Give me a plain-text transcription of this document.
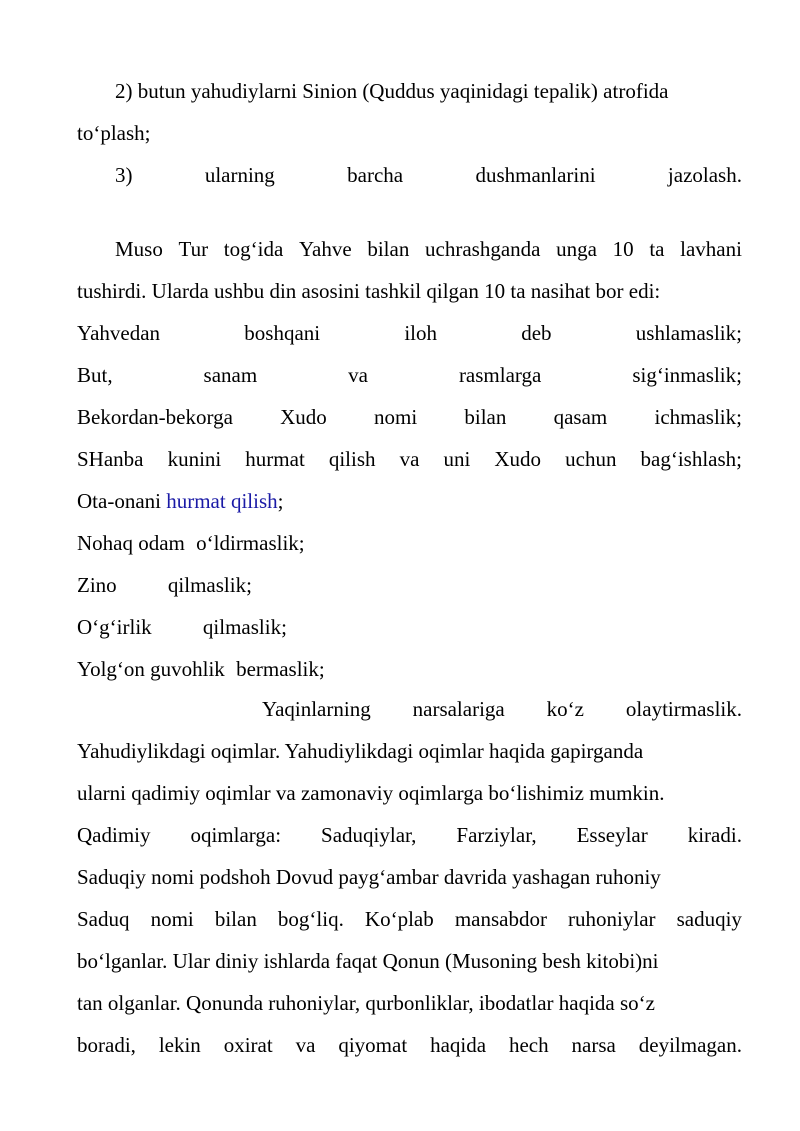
2) butun yahudiylarni Sinion (Quddus yaqinidagi tepalik) atrofida
to‘plash;
3)	ularning	barcha	dushmanlarini	jazolash.
Muso Tur tog‘ida Yahve bilan uchrashganda unga 10 ta lavhani
tushirdi. Ularda ushbu din asosini tashkil qilgan 10 ta nasihat bor edi:
Yahvedan	boshqani	iloh	deb	ushlamaslik;
But,	sanam	va	rasmlarga	sig‘inmaslik;
Bekordan-bekorga Xudo nomi bilan qasam ichmaslik;
SHanba kunini hurmat qilish va uni Xudo uchun bag‘ishlash;
Ota-onani hurmat qilish;
Nohaq odam o‘ldirmaslik;
Zino qilmaslik;
O‘g‘irlik qilmaslik;
Yolg‘on guvohlik bermaslik;
Yaqinlarning narsalariga ko‘z olaytirmaslik.
Yahudiylikdagi oqimlar. Yahudiylikdagi oqimlar haqida gapirganda
ularni qadimiy oqimlar va zamonaviy oqimlarga bo‘lishimiz mumkin.
Qadimiy oqimlarga: Saduqiylar, Farziylar, Esseylar kiradi.
Saduqiy nomi podshoh Dovud payg‘ambar davrida yashagan ruhoniy
Saduq nomi bilan bog‘liq. Ko‘plab mansabdor ruhoniylar saduqiy
bo‘lganlar. Ular diniy ishlarda faqat Qonun (Musoning besh kitobi)ni
tan olganlar. Qonunda ruhoniylar, qurbonliklar, ibodatlar haqida so‘z
boradi, lekin oxirat va qiyomat haqida hech narsa deyilmagan.
